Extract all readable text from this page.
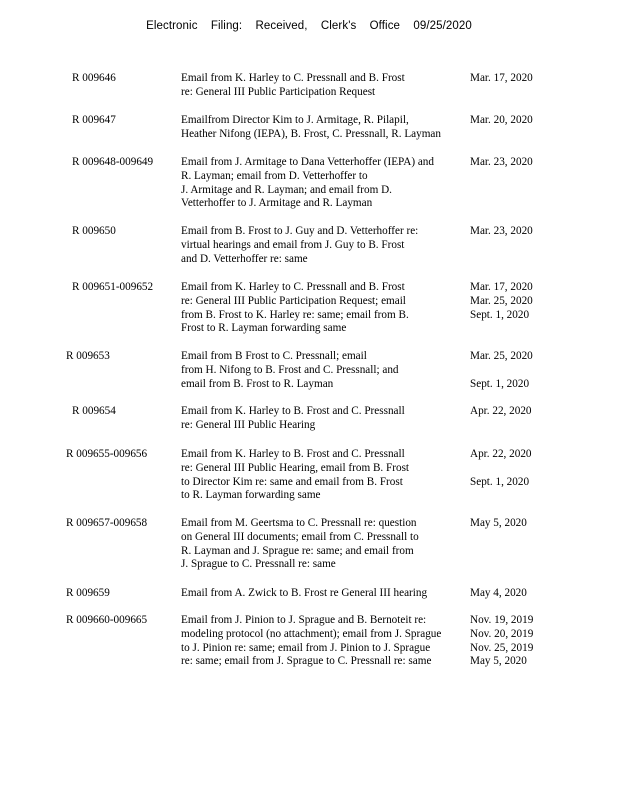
Electronic Filing: Received, Clerk's Office 09/25/2020
R 009646	Email from K. Harley to C. Pressnall and B. Frost
re: General III Public Participation Request
Mar. 17, 2020
R 009647	Emailfrom Director Kim to J. Armitage, R. Pilapil,
Heather Nifong (IEPA), B. Frost, C. Pressnall, R. Layman
Mar. 20, 2020
R 009648-009649 Email from J. Armitage to Dana Vetterhoffer (IEPA) and
R. Layman; email from D. Vetterhoffer to
J. Armitage and R. Layman; and email from D.
Vetterhoffer to J. Armitage and R. Layman
Mar. 23, 2020
R 009650	Email from B. Frost to J. Guy and D. Vetterhoffer re:
virtual hearings and email from J. Guy to B. Frost
and D. Vetterhoffer re: same
Mar. 23, 2020
R 009651-009652 Email from K. Harley to C. Pressnall and B. Frost
re: General III Public Participation Request; email
from B. Frost to K. Harley re: same; email from B.
Frost to R. Layman forwarding same
Mar. 17, 2020
Mar. 25, 2020
Sept. 1, 2020
R 009653	Email from B Frost to C. Pressnall; email
from H. Nifong to B. Frost and C. Pressnall; and
email from B. Frost to R. Layman
Mar. 25, 2020

Sept. 1, 2020
R 009654	Email from K. Harley to B. Frost and C. Pressnall
re: General III Public Hearing
Apr. 22, 2020
R 009655-009656	Email from K. Harley to B. Frost and C. Pressnall
re: General III Public Hearing, email from B. Frost
to Director Kim re: same and email from B. Frost
to R. Layman forwarding same
Apr. 22, 2020

Sept. 1, 2020
R 009657-009658	Email from M. Geertsma to C. Pressnall re: question
on General III documents; email from C. Pressnall to
R. Layman and J. Sprague re: same; and email from
J. Sprague to C. Pressnall re: same
May 5, 2020
R 009659	Email from A. Zwick to B. Frost re General III hearing	May 4, 2020
R 009660-009665	Email from J. Pinion to J. Sprague and B. Bernoteit re:
modeling protocol (no attachment); email from J. Sprague
to J. Pinion re: same; email from J. Pinion to J. Sprague
re: same; email from J. Sprague to C. Pressnall re: same
Nov. 19, 2019
Nov. 20, 2019
Nov. 25, 2019
May 5, 2020
